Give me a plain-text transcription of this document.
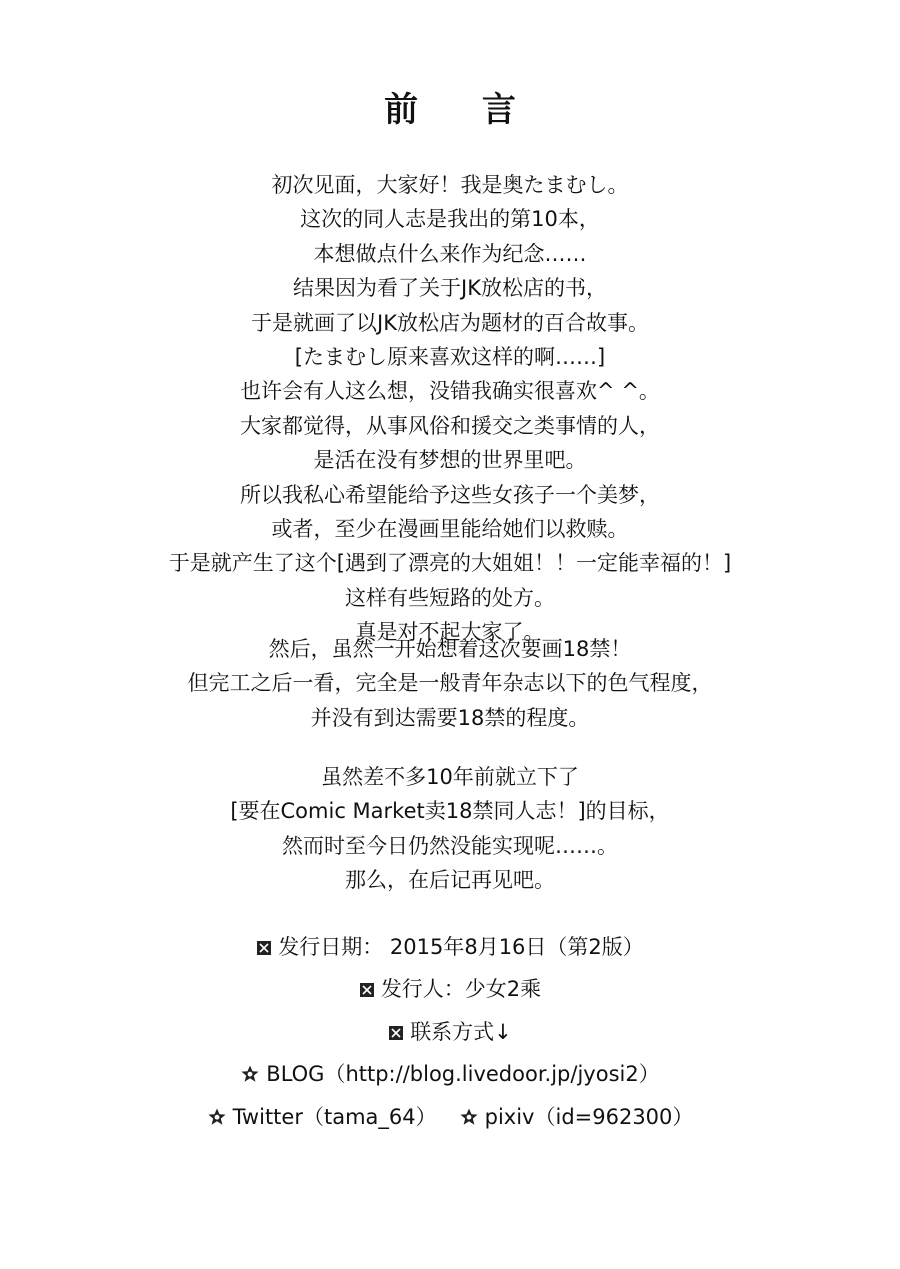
前 言
初次见面，大家好！我是奥たまむし。
这次的同人志是我出的第10本，
本想做点什么来作为纪念……
结果因为看了关于JK放松店的书，
于是就画了以JK放松店为题材的百合故事。
[たまむし原来喜欢这样的啊……]
也许会有人这么想，没错我确实很喜欢^ ^。
大家都觉得，从事风俗和援交之类事情的人，
是活在没有梦想的世界里吧。
所以我私心希望能给予这些女孩子一个美梦，
或者，至少在漫画里能给她们以救赎。
于是就产生了这个[遇到了漂亮的大姐姐！！一定能幸福的！]
这样有些短路的处方。
真是对不起大家了。
然后，虽然一开始想着这次要画18禁！
但完工之后一看，完全是一般青年杂志以下的色气程度，
并没有到达需要18禁的程度。
虽然差不多10年前就立下了
[要在Comic Market卖18禁同人志！]的目标，
然而时至今日仍然没能实现呢……。
那么，在后记再见吧。
发行日期： 2015年8月16日（第2版）
发行人：少女2乘
联系方式↓
BLOG（http://blog.livedoor.jp/jyosi2）
Twitter（tama_64） pixiv（id=962300）
